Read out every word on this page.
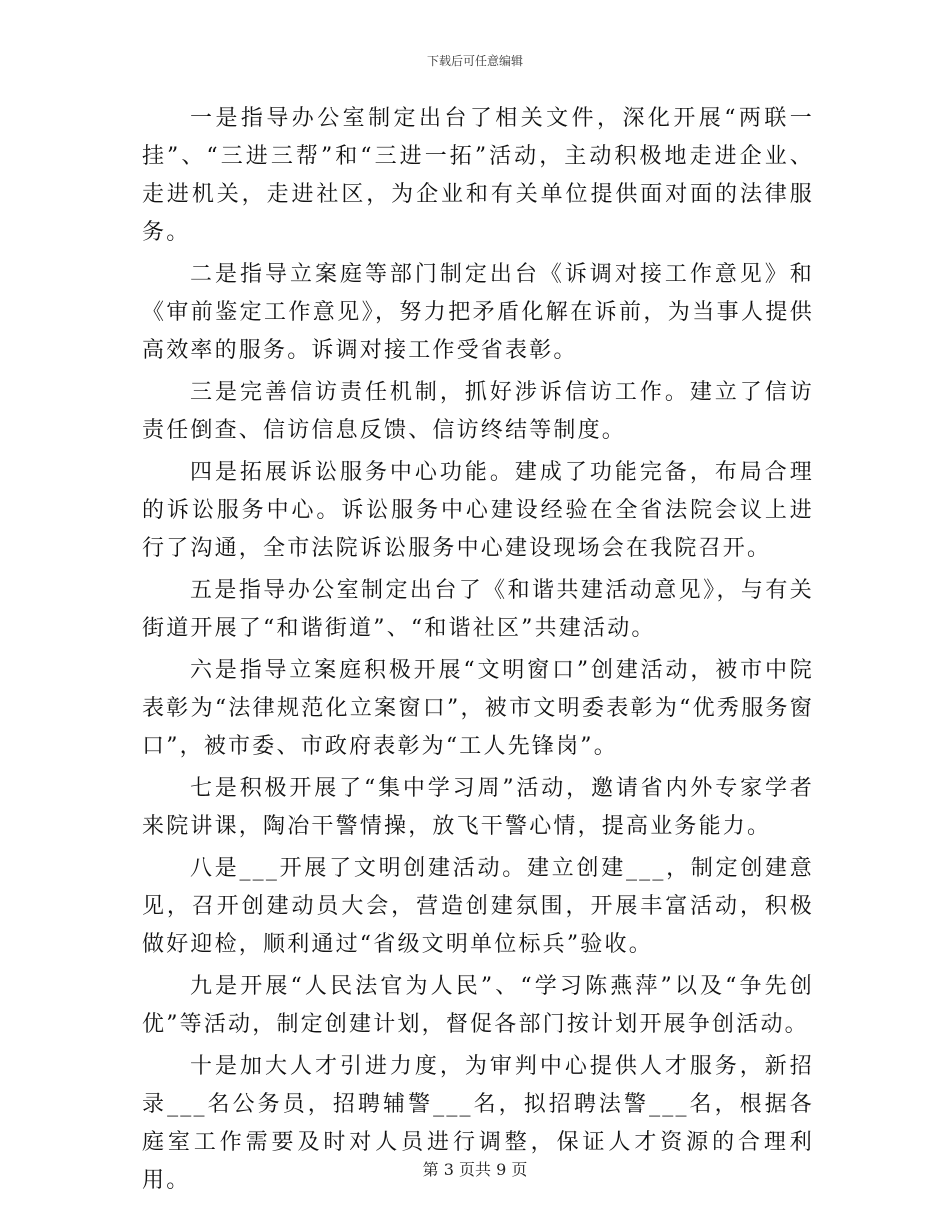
下载后可任意编辑

一是指导办公室制定出台了相关文件，深化开展“两联一挂”、“三进三帮”和“三进一拓”活动，主动积极地走进企业、走进机关，走进社区，为企业和有关单位提供面对面的法律服务。

二是指导立案庭等部门制定出台《诉调对接工作意见》和《审前鉴定工作意见》，努力把矛盾化解在诉前，为当事人提供高效率的服务。诉调对接工作受省表彰。

三是完善信访责任机制，抓好涉诉信访工作。建立了信访责任倒查、信访信息反馈、信访终结等制度。

四是拓展诉讼服务中心功能。建成了功能完备，布局合理的诉讼服务中心。诉讼服务中心建设经验在全省法院会议上进行了沟通，全市法院诉讼服务中心建设现场会在我院召开。

五是指导办公室制定出台了《和谐共建活动意见》，与有关街道开展了“和谐街道”、“和谐社区”共建活动。

六是指导立案庭积极开展“文明窗口”创建活动，被市中院表彰为“法律规范化立案窗口”，被市文明委表彰为“优秀服务窗口”，被市委、市政府表彰为“工人先锋岗”。

七是积极开展了“集中学习周”活动，邀请省内外专家学者来院讲课，陶冶干警情操，放飞干警心情，提高业务能力。

八是___开展了文明创建活动。建立创建___，制定创建意见，召开创建动员大会，营造创建氛围，开展丰富活动，积极做好迎检，顺利通过“省级文明单位标兵”验收。

九是开展“人民法官为人民”、“学习陈燕萍”以及“争先创优”等活动，制定创建计划，督促各部门按计划开展争创活动。

十是加大人才引进力度，为审判中心提供人才服务，新招录___名公务员，招聘辅警___名，拟招聘法警___名，根据各庭室工作需要及时对人员进行调整，保证人才资源的合理利用。	第 3 页共 9 页
